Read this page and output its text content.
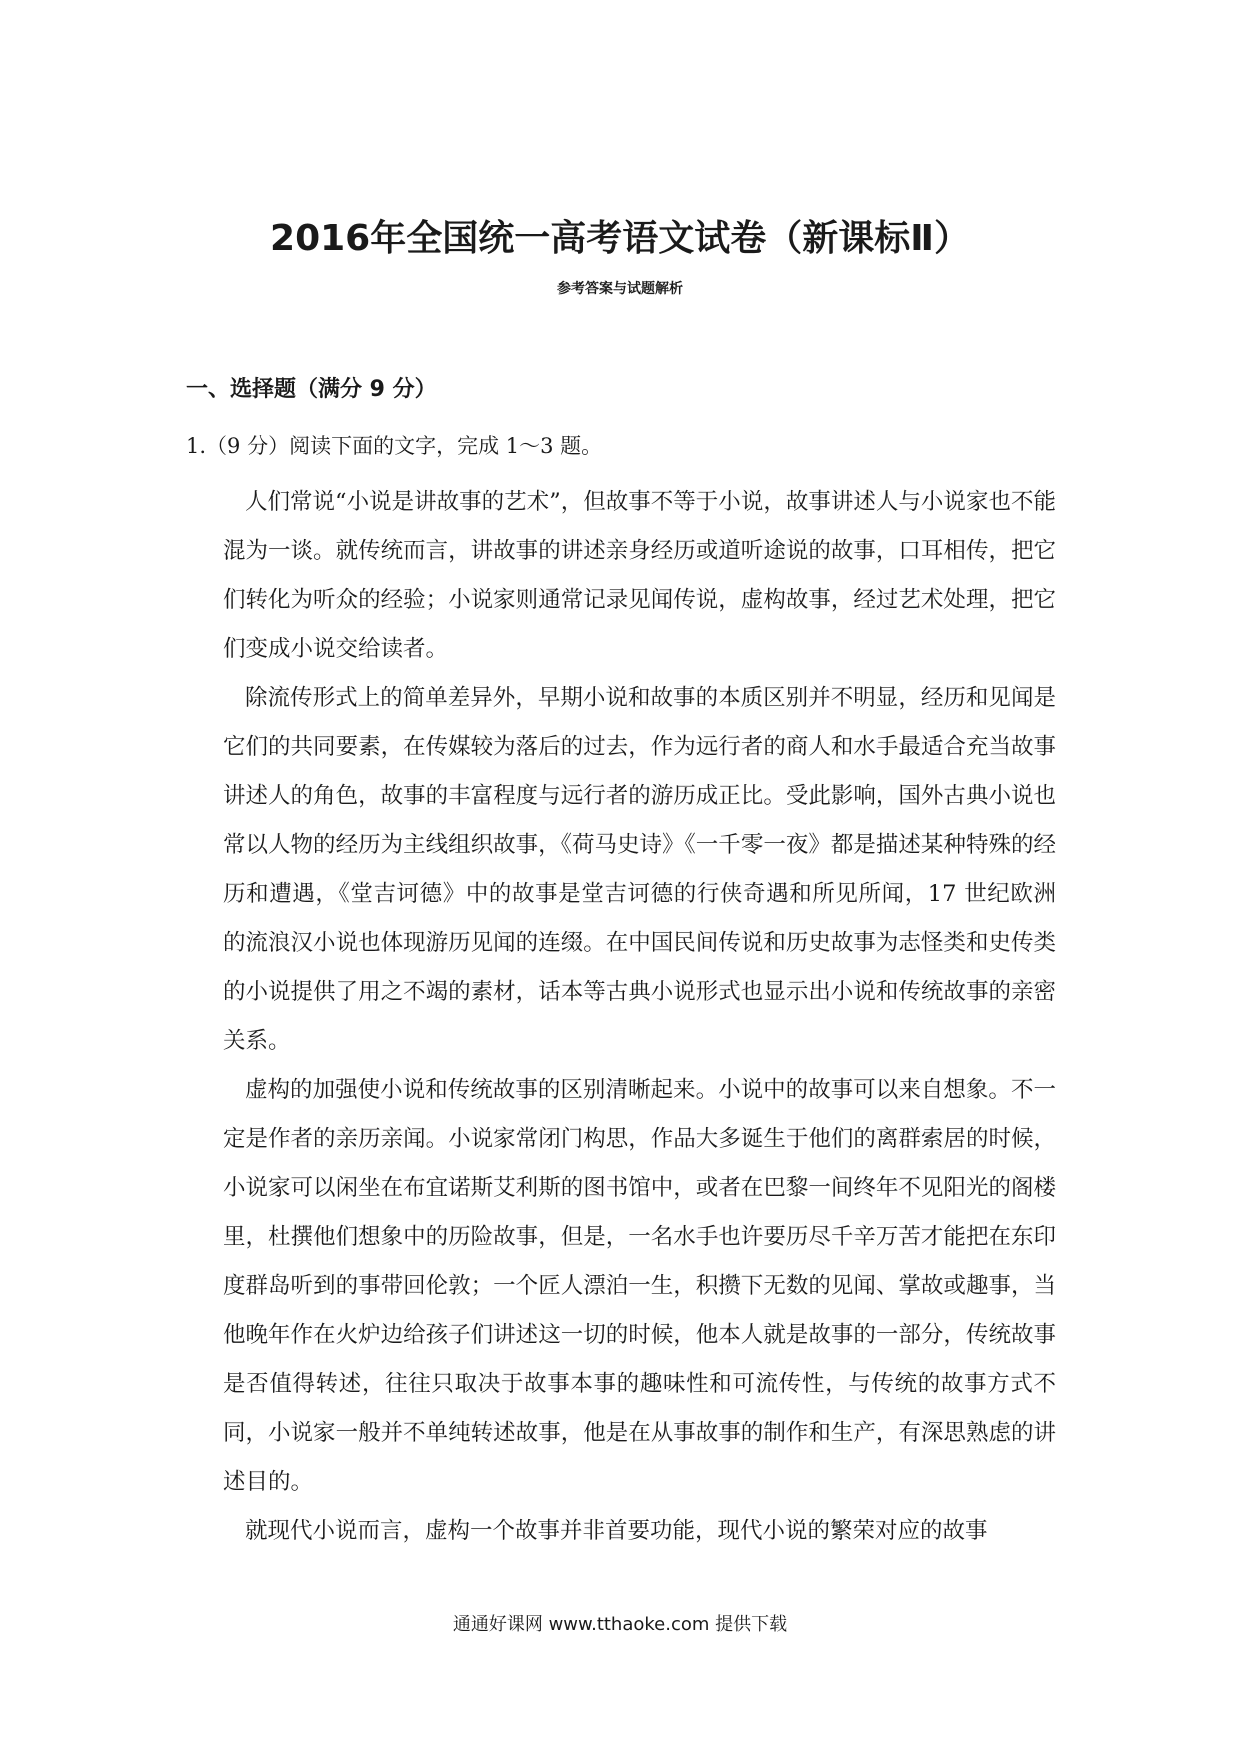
2016年全国统一高考语文试卷（新课标Ⅱ）
参考答案与试题解析
一、选择题（满分 9 分）
1.（9 分）阅读下面的文字，完成 1～3 题。

人们常说“小说是讲故事的艺术”，但故事不等于小说，故事讲述人与小说家也不能混为一谈。就传统而言，讲故事的讲述亲身经历或道听途说的故事，口耳相传，把它们转化为听众的经验；小说家则通常记录见闻传说，虚构故事，经过艺术处理，把它们变成小说交给读者。

除流传形式上的简单差异外，早期小说和故事的本质区别并不明显，经历和见闻是它们的共同要素，在传媒较为落后的过去，作为远行者的商人和水手最适合充当故事讲述人的角色，故事的丰富程度与远行者的游历成正比。受此影响，国外古典小说也常以人物的经历为主线组织故事，《荷马史诗》《一千零一夜》都是描述某种特殊的经历和遭遇，《堂吉诃德》中的故事是堂吉诃德的行侠奇遇和所见所闻，17 世纪欧洲的流浪汉小说也体现游历见闻的连缀。在中国民间传说和历史故事为志怪类和史传类的小说提供了用之不竭的素材，话本等古典小说形式也显示出小说和传统故事的亲密关系。

虚构的加强使小说和传统故事的区别清晰起来。小说中的故事可以来自想象。不一定是作者的亲历亲闻。小说家常闭门构思，作品大多诞生于他们的离群索居的时候，小说家可以闲坐在布宜诺斯艾利斯的图书馆中，或者在巴黎一间终年不见阳光的阁楼里，杜撰他们想象中的历险故事，但是，一名水手也许要历尽千辛万苦才能把在东印度群岛听到的事带回伦敦；一个匠人漂泊一生，积攒下无数的见闻、掌故或趣事，当他晚年作在火炉边给孩子们讲述这一切的时候，他本人就是故事的一部分，传统故事是否值得转述，往往只取决于故事本事的趣味性和可流传性，与传统的故事方式不同，小说家一般并不单纯转述故事，他是在从事故事的制作和生产，有深思熟虑的讲述目的。

就现代小说而言，虚构一个故事并非首要功能，现代小说的繁荣对应的故事

通通好课网 www.tthaoke.com 提供下载
